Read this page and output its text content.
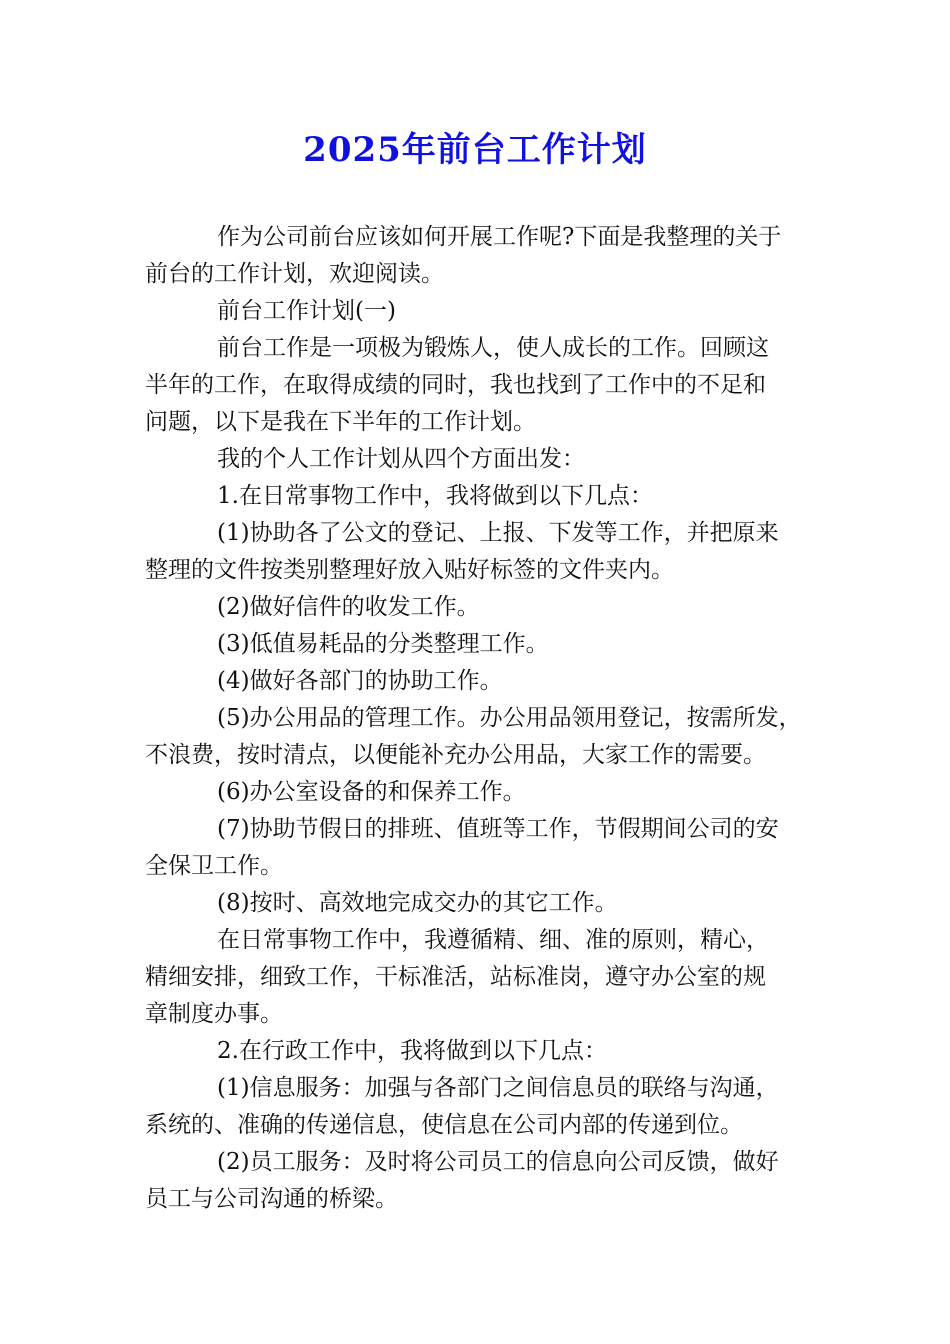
2025年前台工作计划

作为公司前台应该如何开展工作呢?下面是我整理的关于

前台的工作计划，欢迎阅读。

前台工作计划(一)

前台工作是一项极为锻炼人，使人成长的工作。回顾这

半年的工作，在取得成绩的同时，我也找到了工作中的不足和

问题，以下是我在下半年的工作计划。

我的个人工作计划从四个方面出发：

1.在日常事物工作中，我将做到以下几点：

(1)协助各了公文的登记、上报、下发等工作，并把原来

整理的文件按类别整理好放入贴好标签的文件夹内。

(2)做好信件的收发工作。

(3)低值易耗品的分类整理工作。

(4)做好各部门的协助工作。

(5)办公用品的管理工作。办公用品领用登记，按需所发，

不浪费，按时清点，以便能补充办公用品，大家工作的需要。

(6)办公室设备的和保养工作。

(7)协助节假日的排班、值班等工作，节假期间公司的安

全保卫工作。

(8)按时、高效地完成交办的其它工作。

在日常事物工作中，我遵循精、细、准的原则，精心，

精细安排，细致工作，干标准活，站标准岗，遵守办公室的规

章制度办事。

2.在行政工作中，我将做到以下几点：

(1)信息服务：加强与各部门之间信息员的联络与沟通，

系统的、准确的传递信息，使信息在公司内部的传递到位。

(2)员工服务：及时将公司员工的信息向公司反馈，做好

员工与公司沟通的桥梁。
